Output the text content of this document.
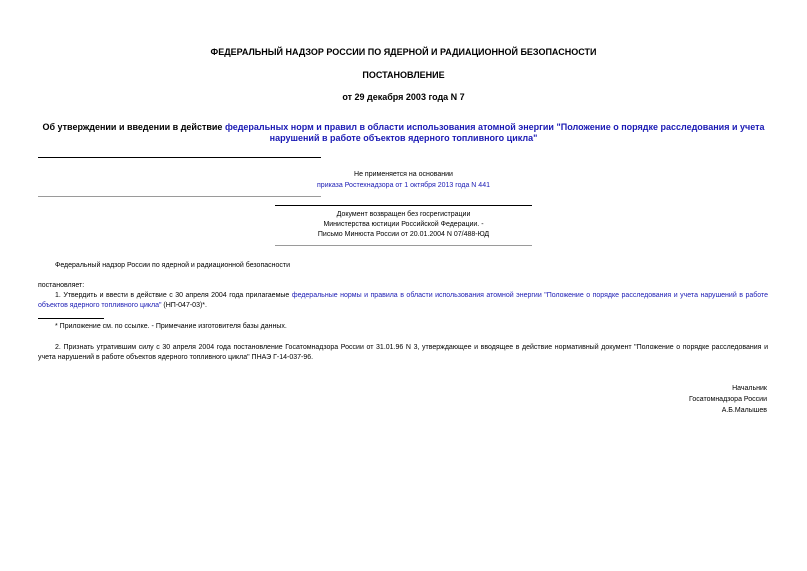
ФЕДЕРАЛЬНЫЙ НАДЗОР РОССИИ ПО ЯДЕРНОЙ И РАДИАЦИОННОЙ БЕЗОПАСНОСТИ
ПОСТАНОВЛЕНИЕ
от 29 декабря 2003 года N 7
Об утверждении и введении в действие федеральных норм и правил в области использования атомной энергии "Положение о порядке расследования и учета нарушений в работе объектов ядерного топливного цикла"
Не применяется на основании
приказа Ростехнадзора от 1 октября 2013 года N 441
Документ возвращен без госрегистрации
Министерства юстиции Российской Федерации. -
Письмо Минюста России от 20.01.2004 N 07/488-ЮД
Федеральный надзор России по ядерной и радиационной безопасности
постановляет:
1. Утвердить и ввести в действие с 30 апреля 2004 года прилагаемые федеральные нормы и правила в области использования атомной энергии "Положение о порядке расследования и учета нарушений в работе объектов ядерного топливного цикла" (НП-047-03)*.
* Приложение см. по ссылке. - Примечание изготовителя базы данных.
2. Признать утратившим силу с 30 апреля 2004 года постановление Госатомнадзора России от 31.01.96 N 3, утверждающее и вводящее в действие нормативный документ "Положение о порядке расследования и учета нарушений в работе объектов ядерного топливного цикла" ПНАЭ Г-14-037-96.
Начальник
Госатомнадзора России
А.Б.Малышев
